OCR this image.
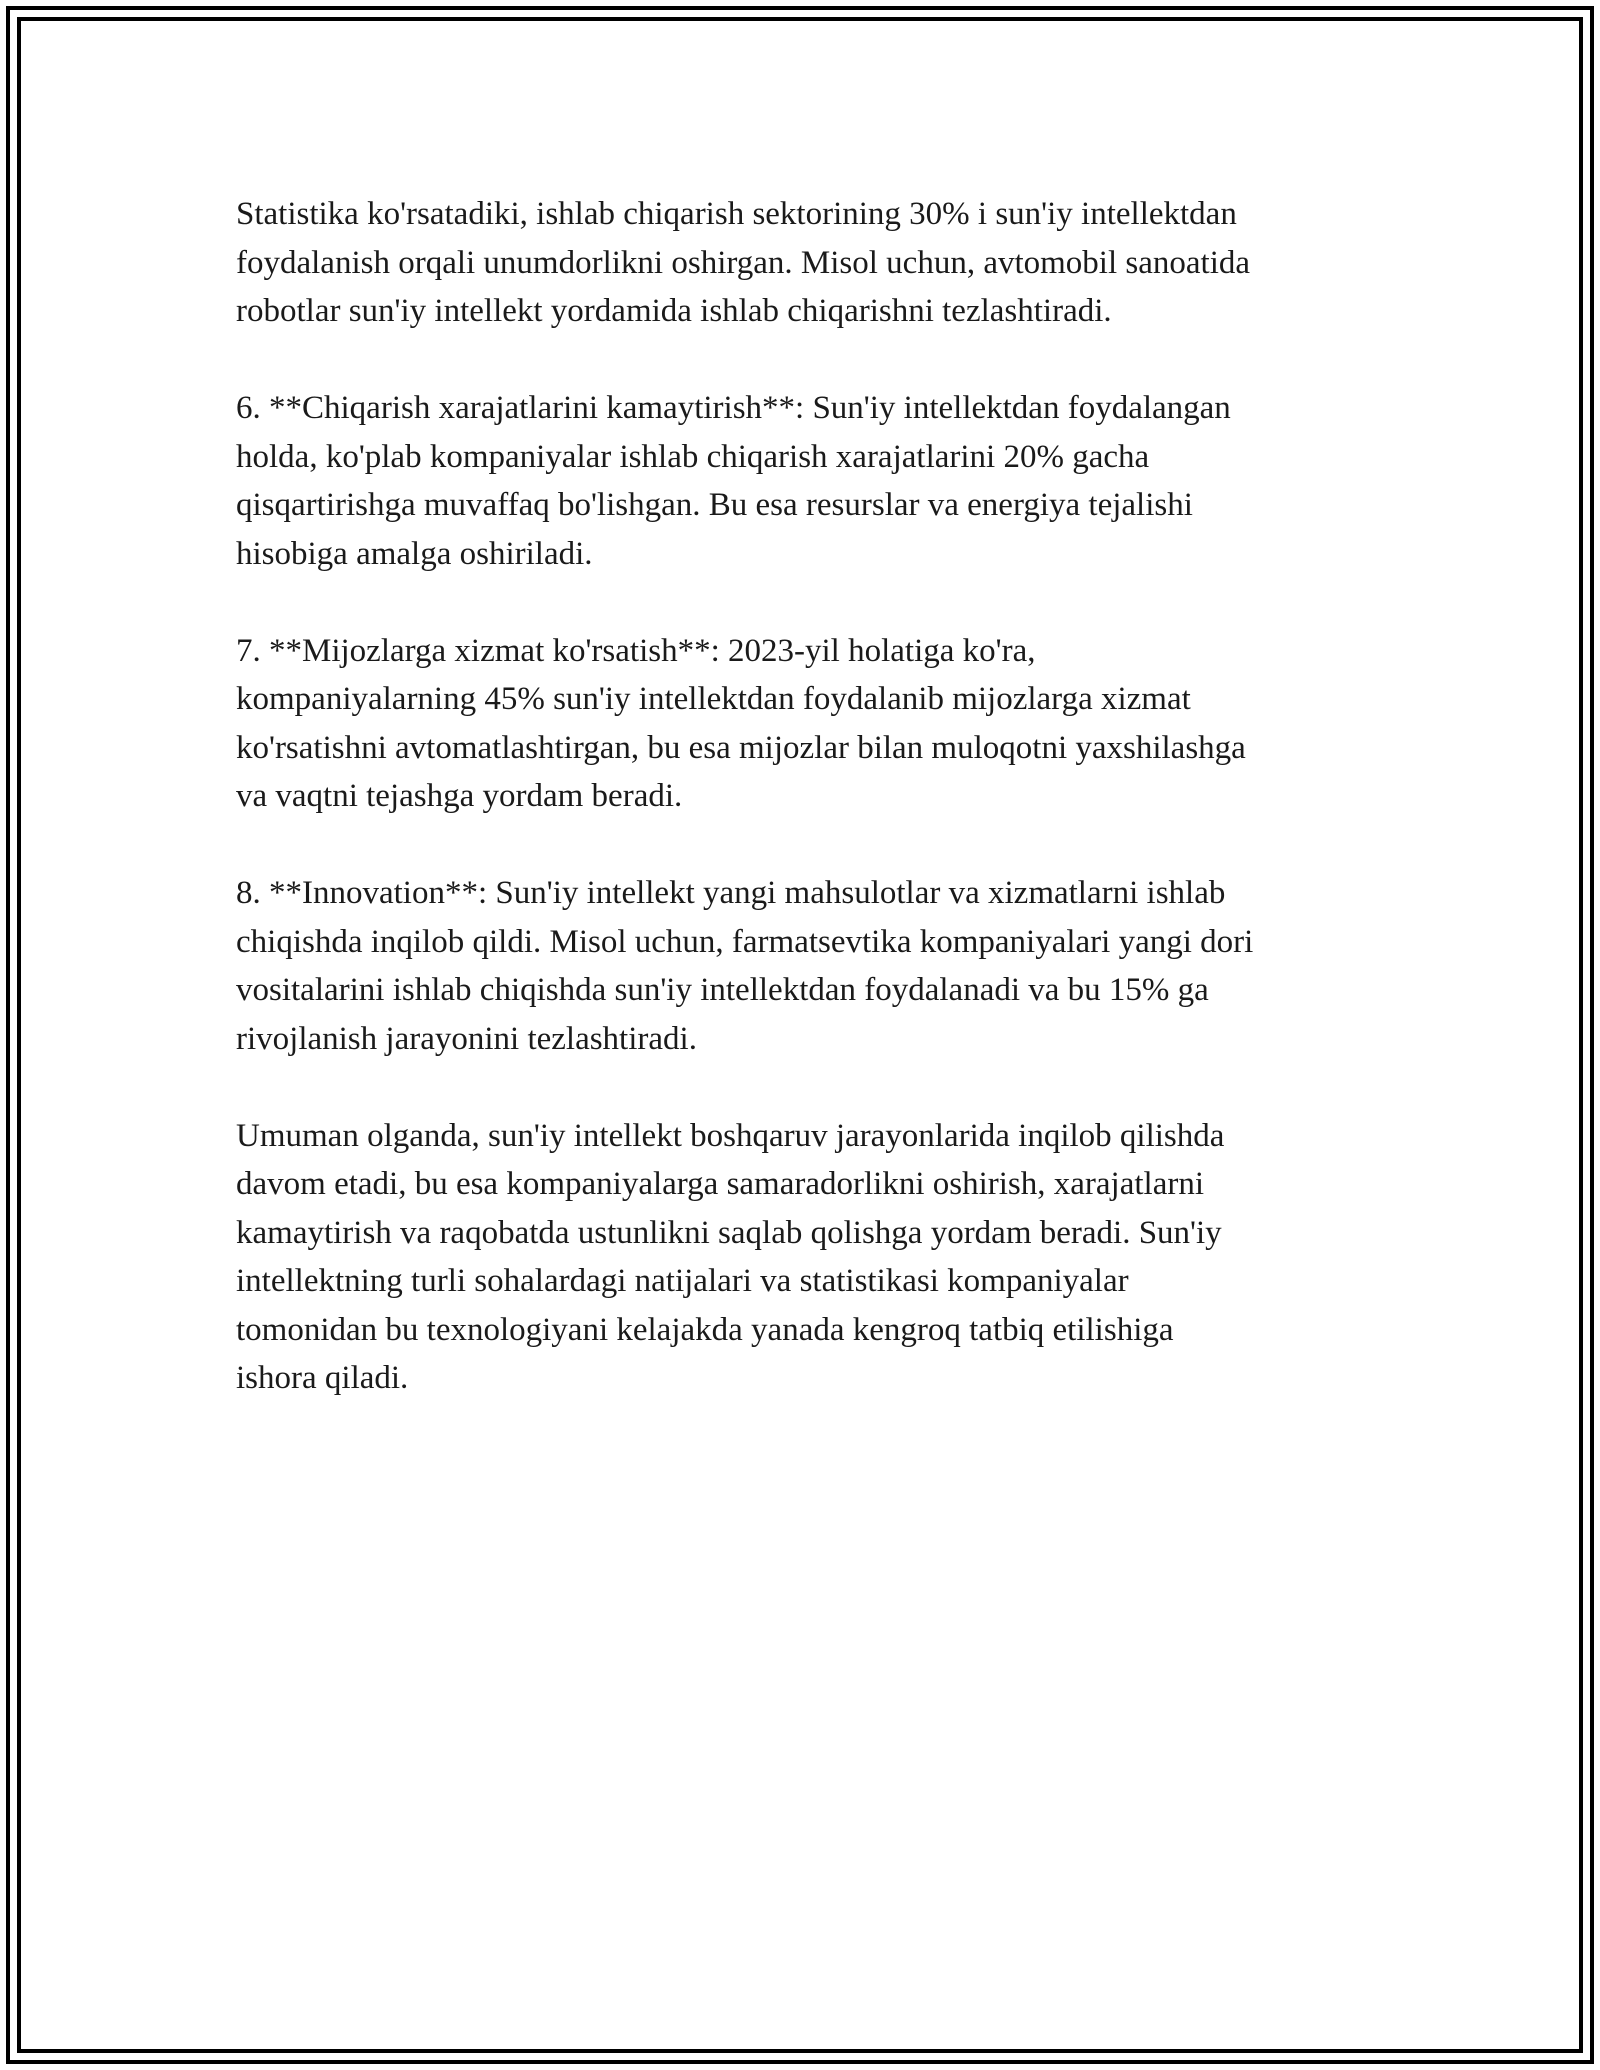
Statistika ko'rsatadiki, ishlab chiqarish sektorining 30% i sun'iy intellektdan
foydalanish orqali unumdorlikni oshirgan. Misol uchun, avtomobil sanoatida
robotlar sun'iy intellekt yordamida ishlab chiqarishni tezlashtiradi.

6. **Chiqarish xarajatlarini kamaytirish**: Sun'iy intellektdan foydalangan
holda, ko'plab kompaniyalar ishlab chiqarish xarajatlarini 20% gacha
qisqartirishga muvaffaq bo'lishgan. Bu esa resurslar va energiya tejalishi
hisobiga amalga oshiriladi.

7. **Mijozlarga xizmat ko'rsatish**: 2023-yil holatiga ko'ra,
kompaniyalarning 45% sun'iy intellektdan foydalanib mijozlarga xizmat
ko'rsatishni avtomatlashtirgan, bu esa mijozlar bilan muloqotni yaxshilashga
va vaqtni tejashga yordam beradi.

8. **Innovation**: Sun'iy intellekt yangi mahsulotlar va xizmatlarni ishlab
chiqishda inqilob qildi. Misol uchun, farmatsevtika kompaniyalari yangi dori
vositalarini ishlab chiqishda sun'iy intellektdan foydalanadi va bu 15% ga
rivojlanish jarayonini tezlashtiradi.

Umuman olganda, sun'iy intellekt boshqaruv jarayonlarida inqilob qilishda
davom etadi, bu esa kompaniyalarga samaradorlikni oshirish, xarajatlarni
kamaytirish va raqobatda ustunlikni saqlab qolishga yordam beradi. Sun'iy
intellektning turli sohalardagi natijalari va statistikasi kompaniyalar
tomonidan bu texnologiyani kelajakda yanada kengroq tatbiq etilishiga
ishora qiladi.
